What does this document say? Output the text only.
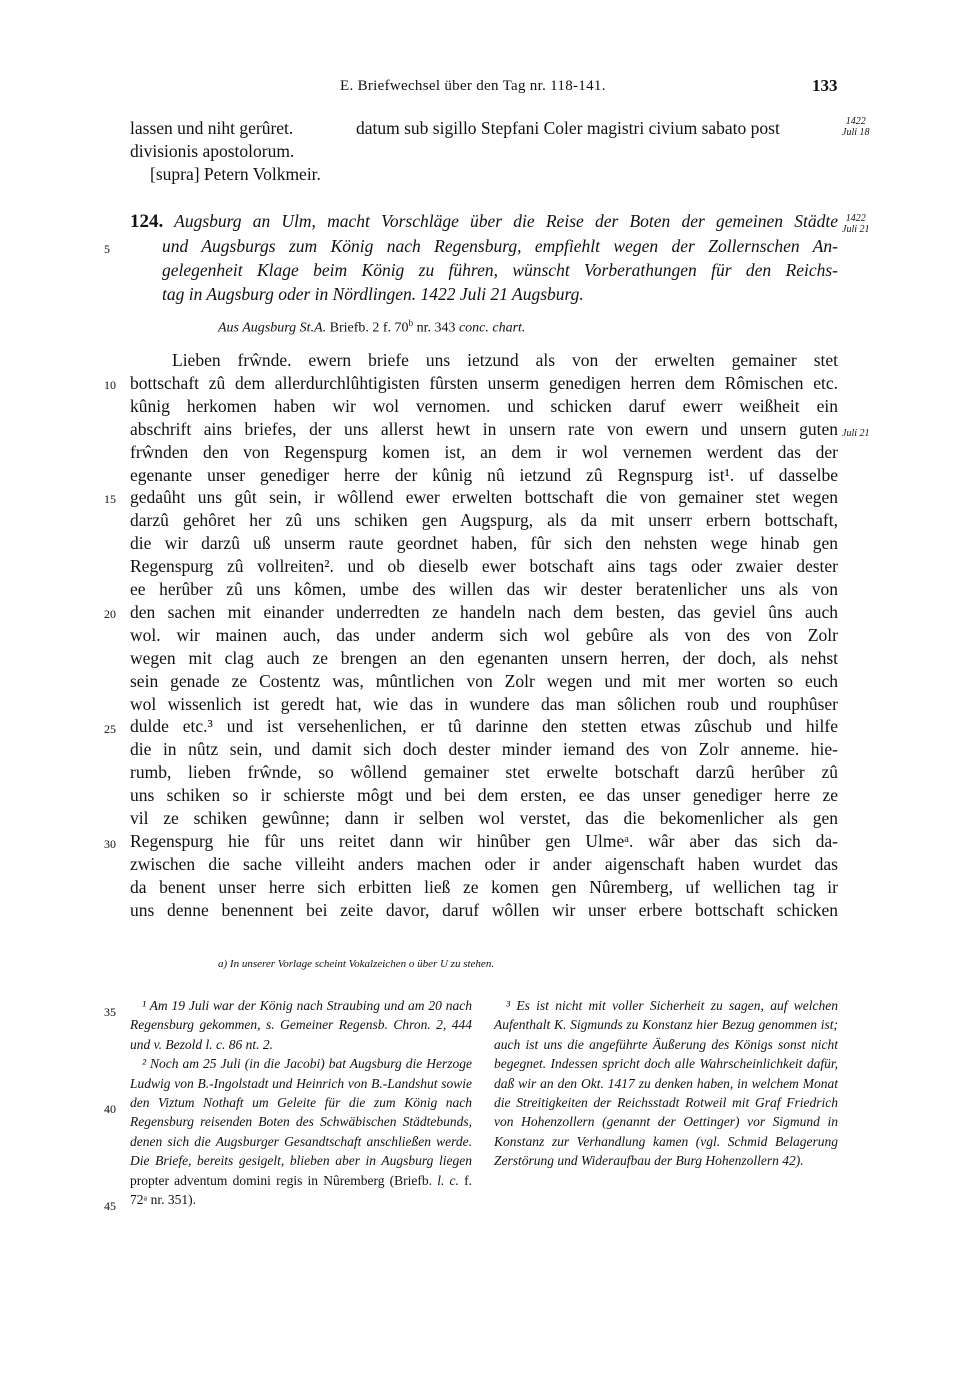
E. Briefwechsel über den Tag nr. 118-141.	133
lassen und niht gerûret.	datum sub sigillo Stepfani Coler magistri civium sabato post
divisionis apostolorum.
[supra] Petern Volkmeir.
1422
Juli 18
124. Augsburg an Ulm, macht Vorschläge über die Reise der Boten der gemeinen Städte
und Augsburgs zum König nach Regensburg, empfiehlt wegen der Zollernschen An-
gelegenheit Klage beim König zu führen, wünscht Vorberathungen für den Reichs-
tag in Augsburg oder in Nördlingen. 1422 Juli 21 Augsburg.
1422
Juli 21
Aus Augsburg St.A. Briefb. 2 f. 70$^b$ nr. 343 conc. chart.
Lieben frŵnde. ewern briefe uns ietzund als von der erwelten gemainer stet
bottschaft zû dem allerdurchlûhtigisten fûrsten unserm genedigen herren dem Rômischen etc.
kûnig herkomen haben wir wol vernomen. und schicken daruf ewerr weißheit ein
abschrift ains briefes, der uns allerst hewt in unsern rate von ewern und unsern guten
frŵnden den von Regenspurg komen ist, an dem ir wol vernemen werdent das der
egenante unser genediger herre der kûnig nû ietzund zû Regnspurg ist¹. uf dasselbe
gedaûht uns gût sein, ir wôllend ewer erwelten bottschaft die von gemainer stet wegen
darzû gehôret her zû uns schiken gen Augspurg, als da mit unserr erbern bottschaft,
die wir darzû uß unserm raute geordnet haben, fûr sich den nehsten wege hinab gen
Regenspurg zû vollreiten². und ob dieselb ewer botschaft ains tags oder zwaier dester
ee herûber zû uns kômen, umbe des willen das wir dester beratenlicher uns als von
den sachen mit einander underredten ze handeln nach dem besten, das geviel ûns auch
wol. wir mainen auch, das under anderm sich wol gebûre als von des von Zolr
wegen mit clag auch ze brengen an den egenanten unsern herren, der doch, als nehst
sein genade ze Costentz was, mûntlichen von Zolr wegen und mit mer worten so euch
wol wissenlich ist geredt hat, wie das in wundere das man sôlichen roub und rouphûser
dulde etc.³ und ist versehenlichen, er tû darinne den stetten etwas zûschub und hilfe
die in nûtz sein, und damit sich doch dester minder iemand des von Zolr anneme. hie-
rumb, lieben frŵnde, so wôllend gemainer stet erwelte botschaft darzû herûber zû
uns schiken so ir schierste môgt und bei dem ersten, ee das unser genediger herre ze
vil ze schiken gewûnne; dann ir selben wol verstet, das die bekomenlicher als gen
Regenspurg hie fûr uns reitet dann wir hinûber gen Ulmeᵃ. wâr aber das sich da-
zwischen die sache villeiht anders machen oder ir ander aigenschaft haben wurdet das
da benent unser herre sich erbitten ließ ze komen gen Nûremberg, uf wellichen tag ir
uns denne benennent bei zeite davor, daruf wôllen wir unser erbere bottschaft schicken
Juli 21
5
10
15
20
25
30
35
40
45
a) In unserer Vorlage scheint Vokalzeichen o über U zu stehen.

¹ Am 19 Juli war der König nach Straubing und am 20 nach Regensburg gekommen, s. Gemeiner Regensb. Chron. 2, 444 und v. Bezold l. c. 86 nt. 2.

² Noch am 25 Juli (in die Jacobi) bat Augsburg die Herzoge Ludwig von B.-Ingolstadt und Heinrich von B.-Landshut sowie den Viztum Nothaft um Geleite für die zum König nach Regensburg reisenden Boten des Schwäbischen Städtebunds, denen sich die Augsburger Gesandtschaft anschließen werde. Die Briefe, bereits gesigelt, blieben aber in Augsburg liegen propter adventum domini regis in Nûremberg (Briefb. l. c. f. 72ᵃ nr. 351).

³ Es ist nicht mit voller Sicherheit zu sagen, auf welchen Aufenthalt K. Sigmunds zu Konstanz hier Bezug genommen ist; auch ist uns die angeführte Äußerung des Königs sonst nicht begegnet. Indessen spricht doch alle Wahrscheinlichkeit dafür, daß wir an den Okt. 1417 zu denken haben, in welchem Monat die Streitigkeiten der Reichsstadt Rotweil mit Graf Friedrich von Hohenzollern (genannt der Oettinger) vor Sigmund in Konstanz zur Verhandlung kamen (vgl. Schmid Belagerung Zerstörung und Wideraufbau der Burg Hohenzollern 42).
